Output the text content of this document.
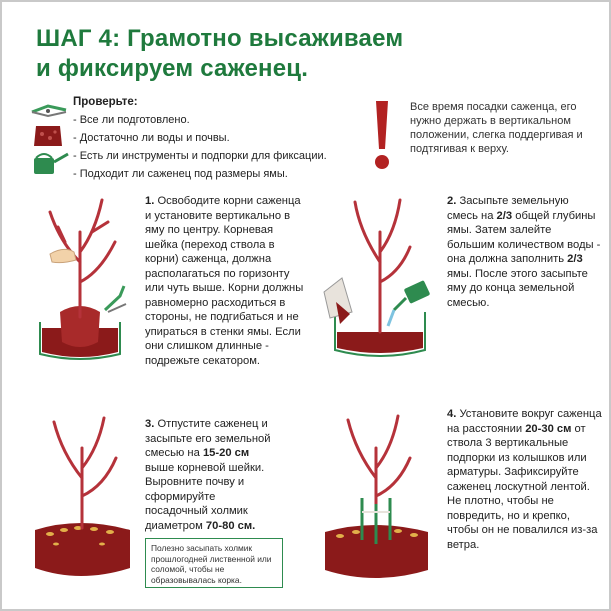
ШАГ 4: Грамотно высаживаем
и фиксируем саженец.
Проверьте:
- Все ли подготовлено.
- Достаточно ли воды и почвы.
- Есть ли инструменты и подпорки для фиксации.
- Подходит ли саженец под размеры ямы.
Все время посадки саженца, его нужно держать в вертикальном положении, слегка поддергивая и подтягивая к верху.
1. Освободите корни саженца и установите вертикально в яму по центру. Корневая шейка (переход ствола в корни) саженца, должна располагаться по горизонту или чуть выше. Корни должны равномерно расходиться в стороны, не подгибаться и не упираться в стенки ямы. Если они слишком длинные - подрежьте секатором.
2. Засыпьте земельную смесь на 2/3 общей глубины ямы. Затем залейте большим количеством воды - она должна заполнить 2/3 ямы. После этого засыпьте яму до конца земельной смесью.
3. Отпустите саженец и засыпьте его земельной смесью на 15-20 см выше корневой шейки. Выровните почву и сформируйте посадочный холмик диаметром 70-80 см.
Полезно засыпать холмик прошлогодней лиственной или соломой, чтобы не образовывалась корка.
4. Установите вокруг саженца на расстоянии 20-30 см от ствола 3 вертикальные подпорки из колышков или арматуры. Зафиксируйте саженец лоскутной лентой. Не плотно, чтобы не повредить, но и крепко, чтобы он не повалился из-за ветра.
